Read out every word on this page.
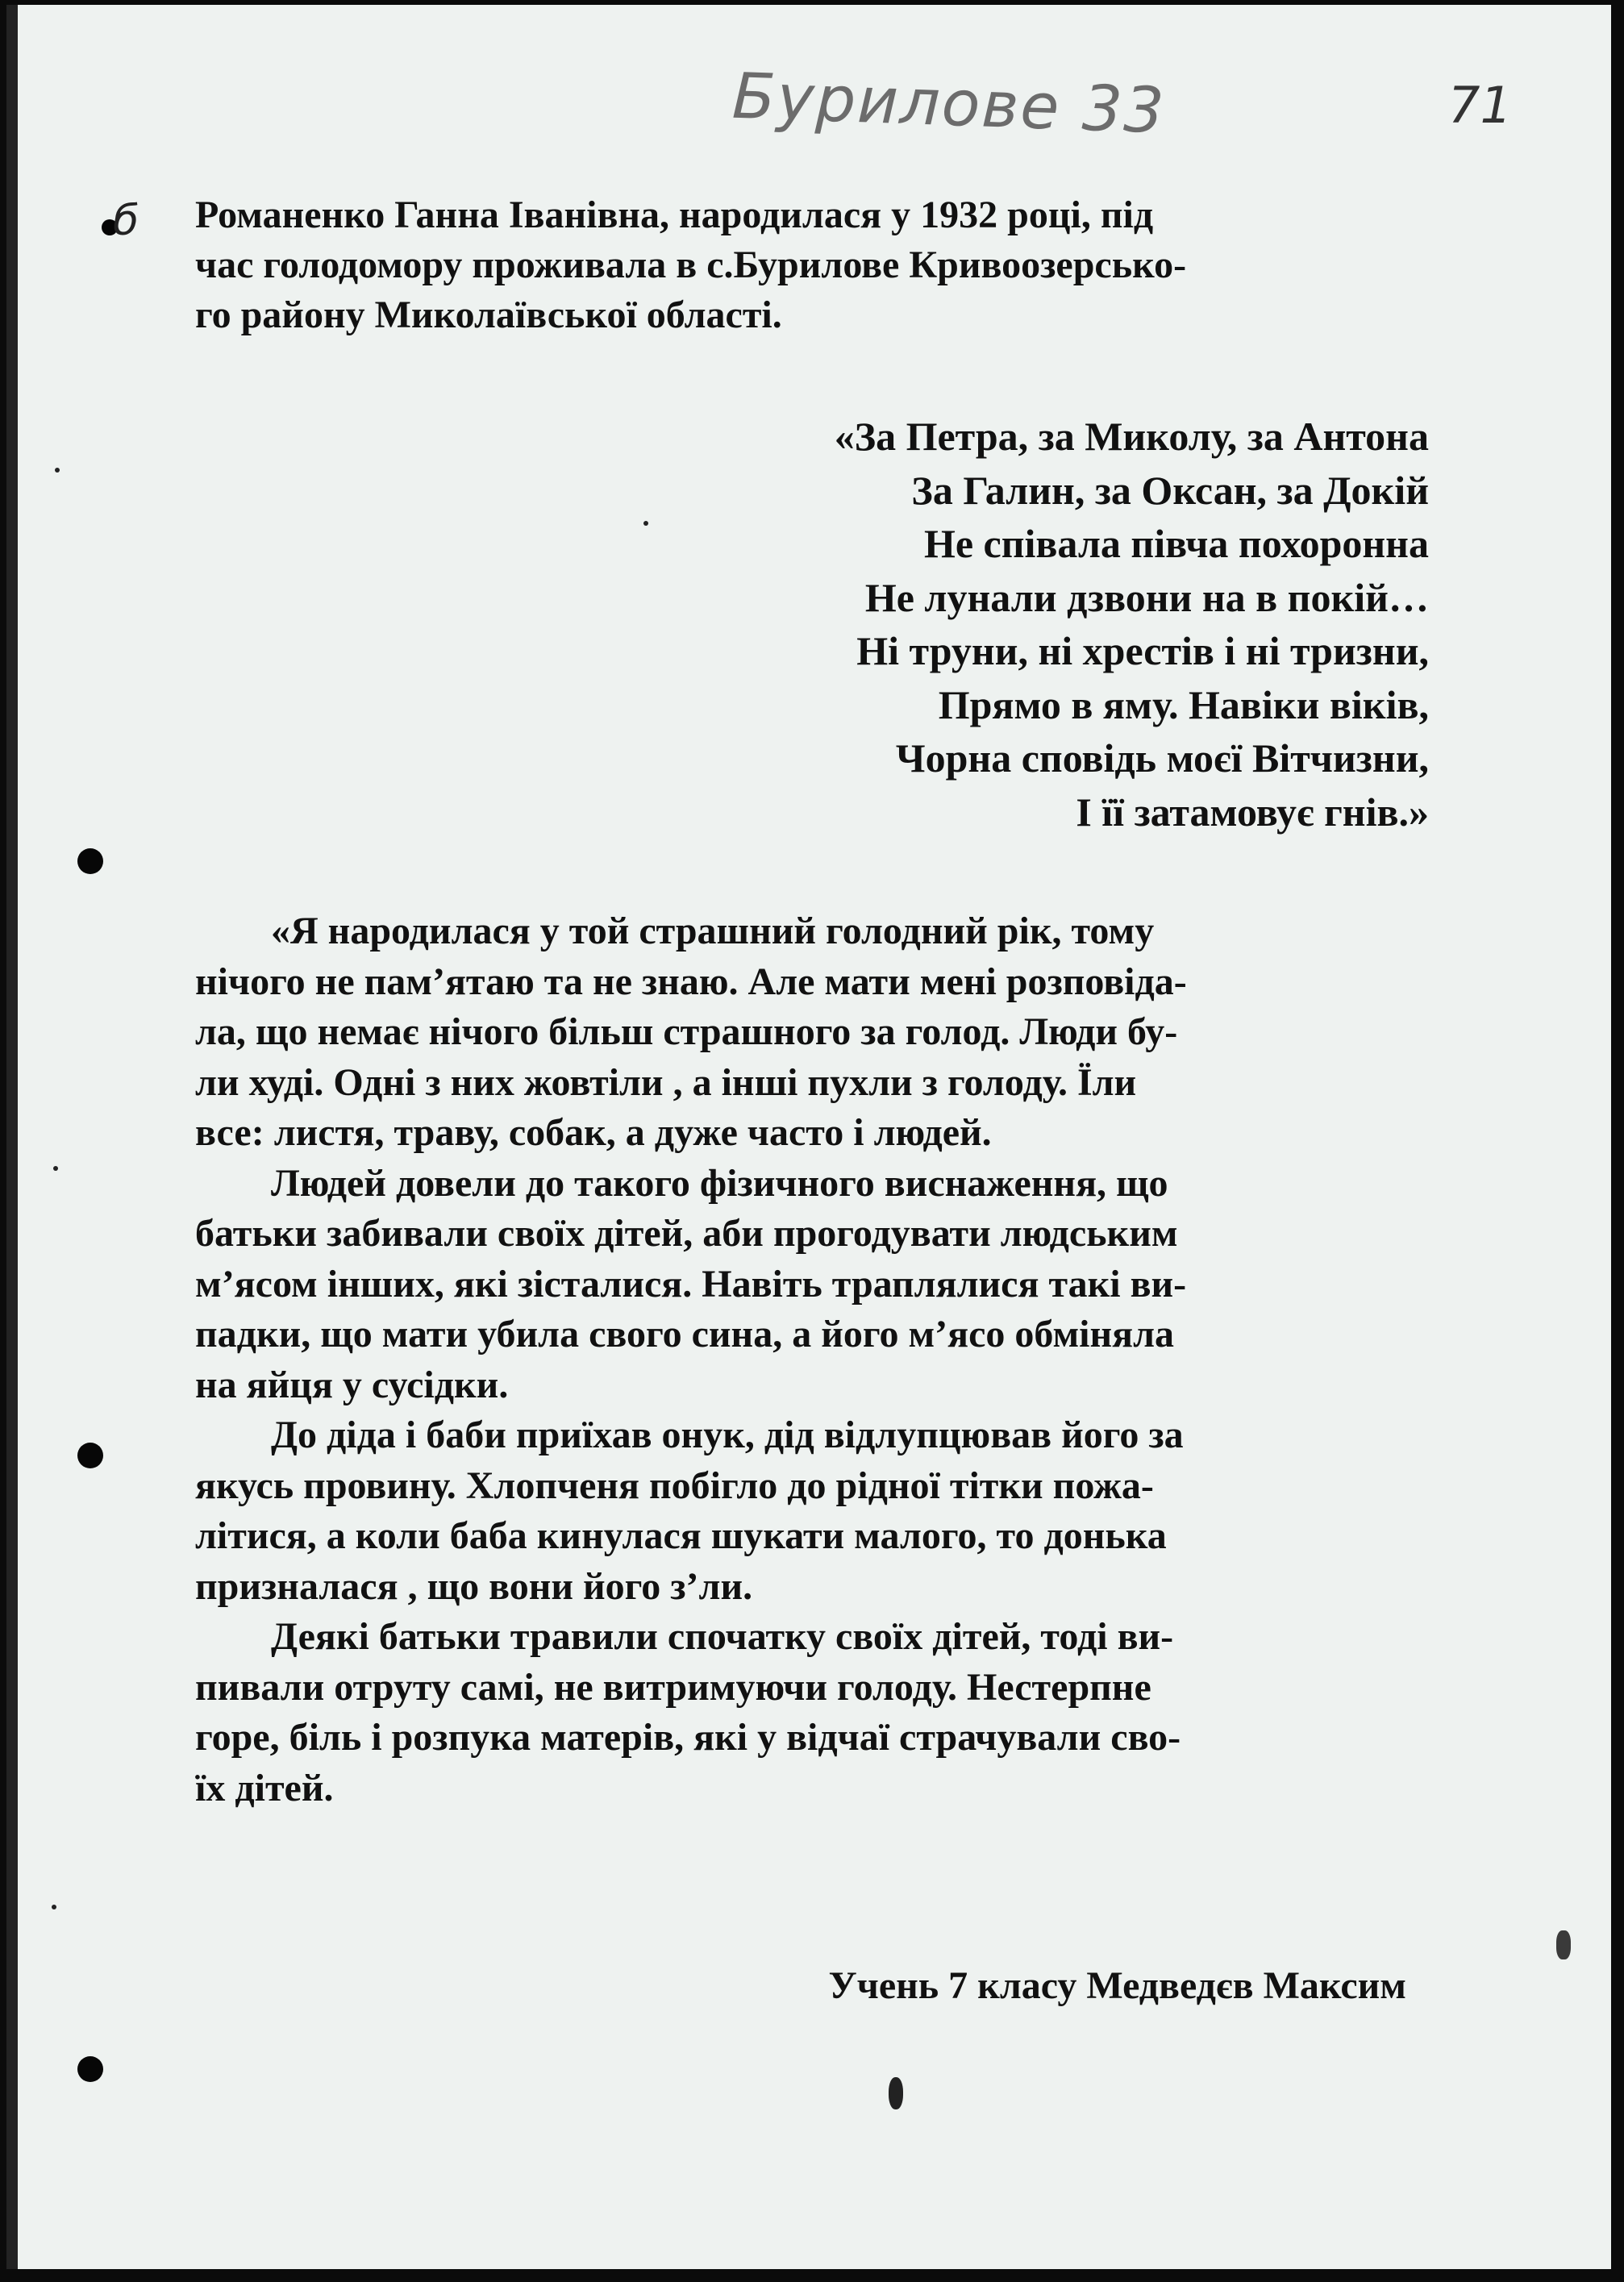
Бурилове 33	71
б Романенко Ганна Іванівна, народилася у 1932 році, під
час голодомору проживала в с.Бурилове Кривоозерсько-
го району Миколаївської області.
«За Петра, за Миколу, за Антона
За Галин, за Оксан, за Докій
Не співала півча похоронна
Не лунали дзвони на в покій…
Ні труни, ні хрестів і ні тризни,
Прямо в яму. Навіки віків,
Чорна сповідь моєї Вітчизни,
І її затамовує гнів.»
«Я народилася у той страшний голодний рік, тому
нічого не пам’ятаю та не знаю. Але мати мені розповіда-
ла, що немає нічого більш страшного за голод. Люди бу-
ли худі. Одні з них жовтіли , а інші пухли з голоду. Їли
все: листя, траву, собак, а дуже часто і людей.
Людей довели до такого фізичного виснаження, що
батьки забивали своїх дітей, аби прогодувати людським
м’ясом інших, які зісталися. Навіть траплялися такі ви-
падки, що мати убила свого сина, а його м’ясо обміняла
на яйця у сусідки.
До діда і баби приїхав онук, дід відлупцював його за
якусь провину. Хлопченя побігло до рідної тітки пожа-
літися, а коли баба кинулася шукати малого, то донька
призналася , що вони його з’ли.
Деякі батьки травили спочатку своїх дітей, тоді ви-
пивали отруту самі, не витримуючи голоду. Нестерпне
горе, біль і розпука матерів, які у відчаї страчували сво-
їх дітей.
Учень 7 класу Медведєв Максим
